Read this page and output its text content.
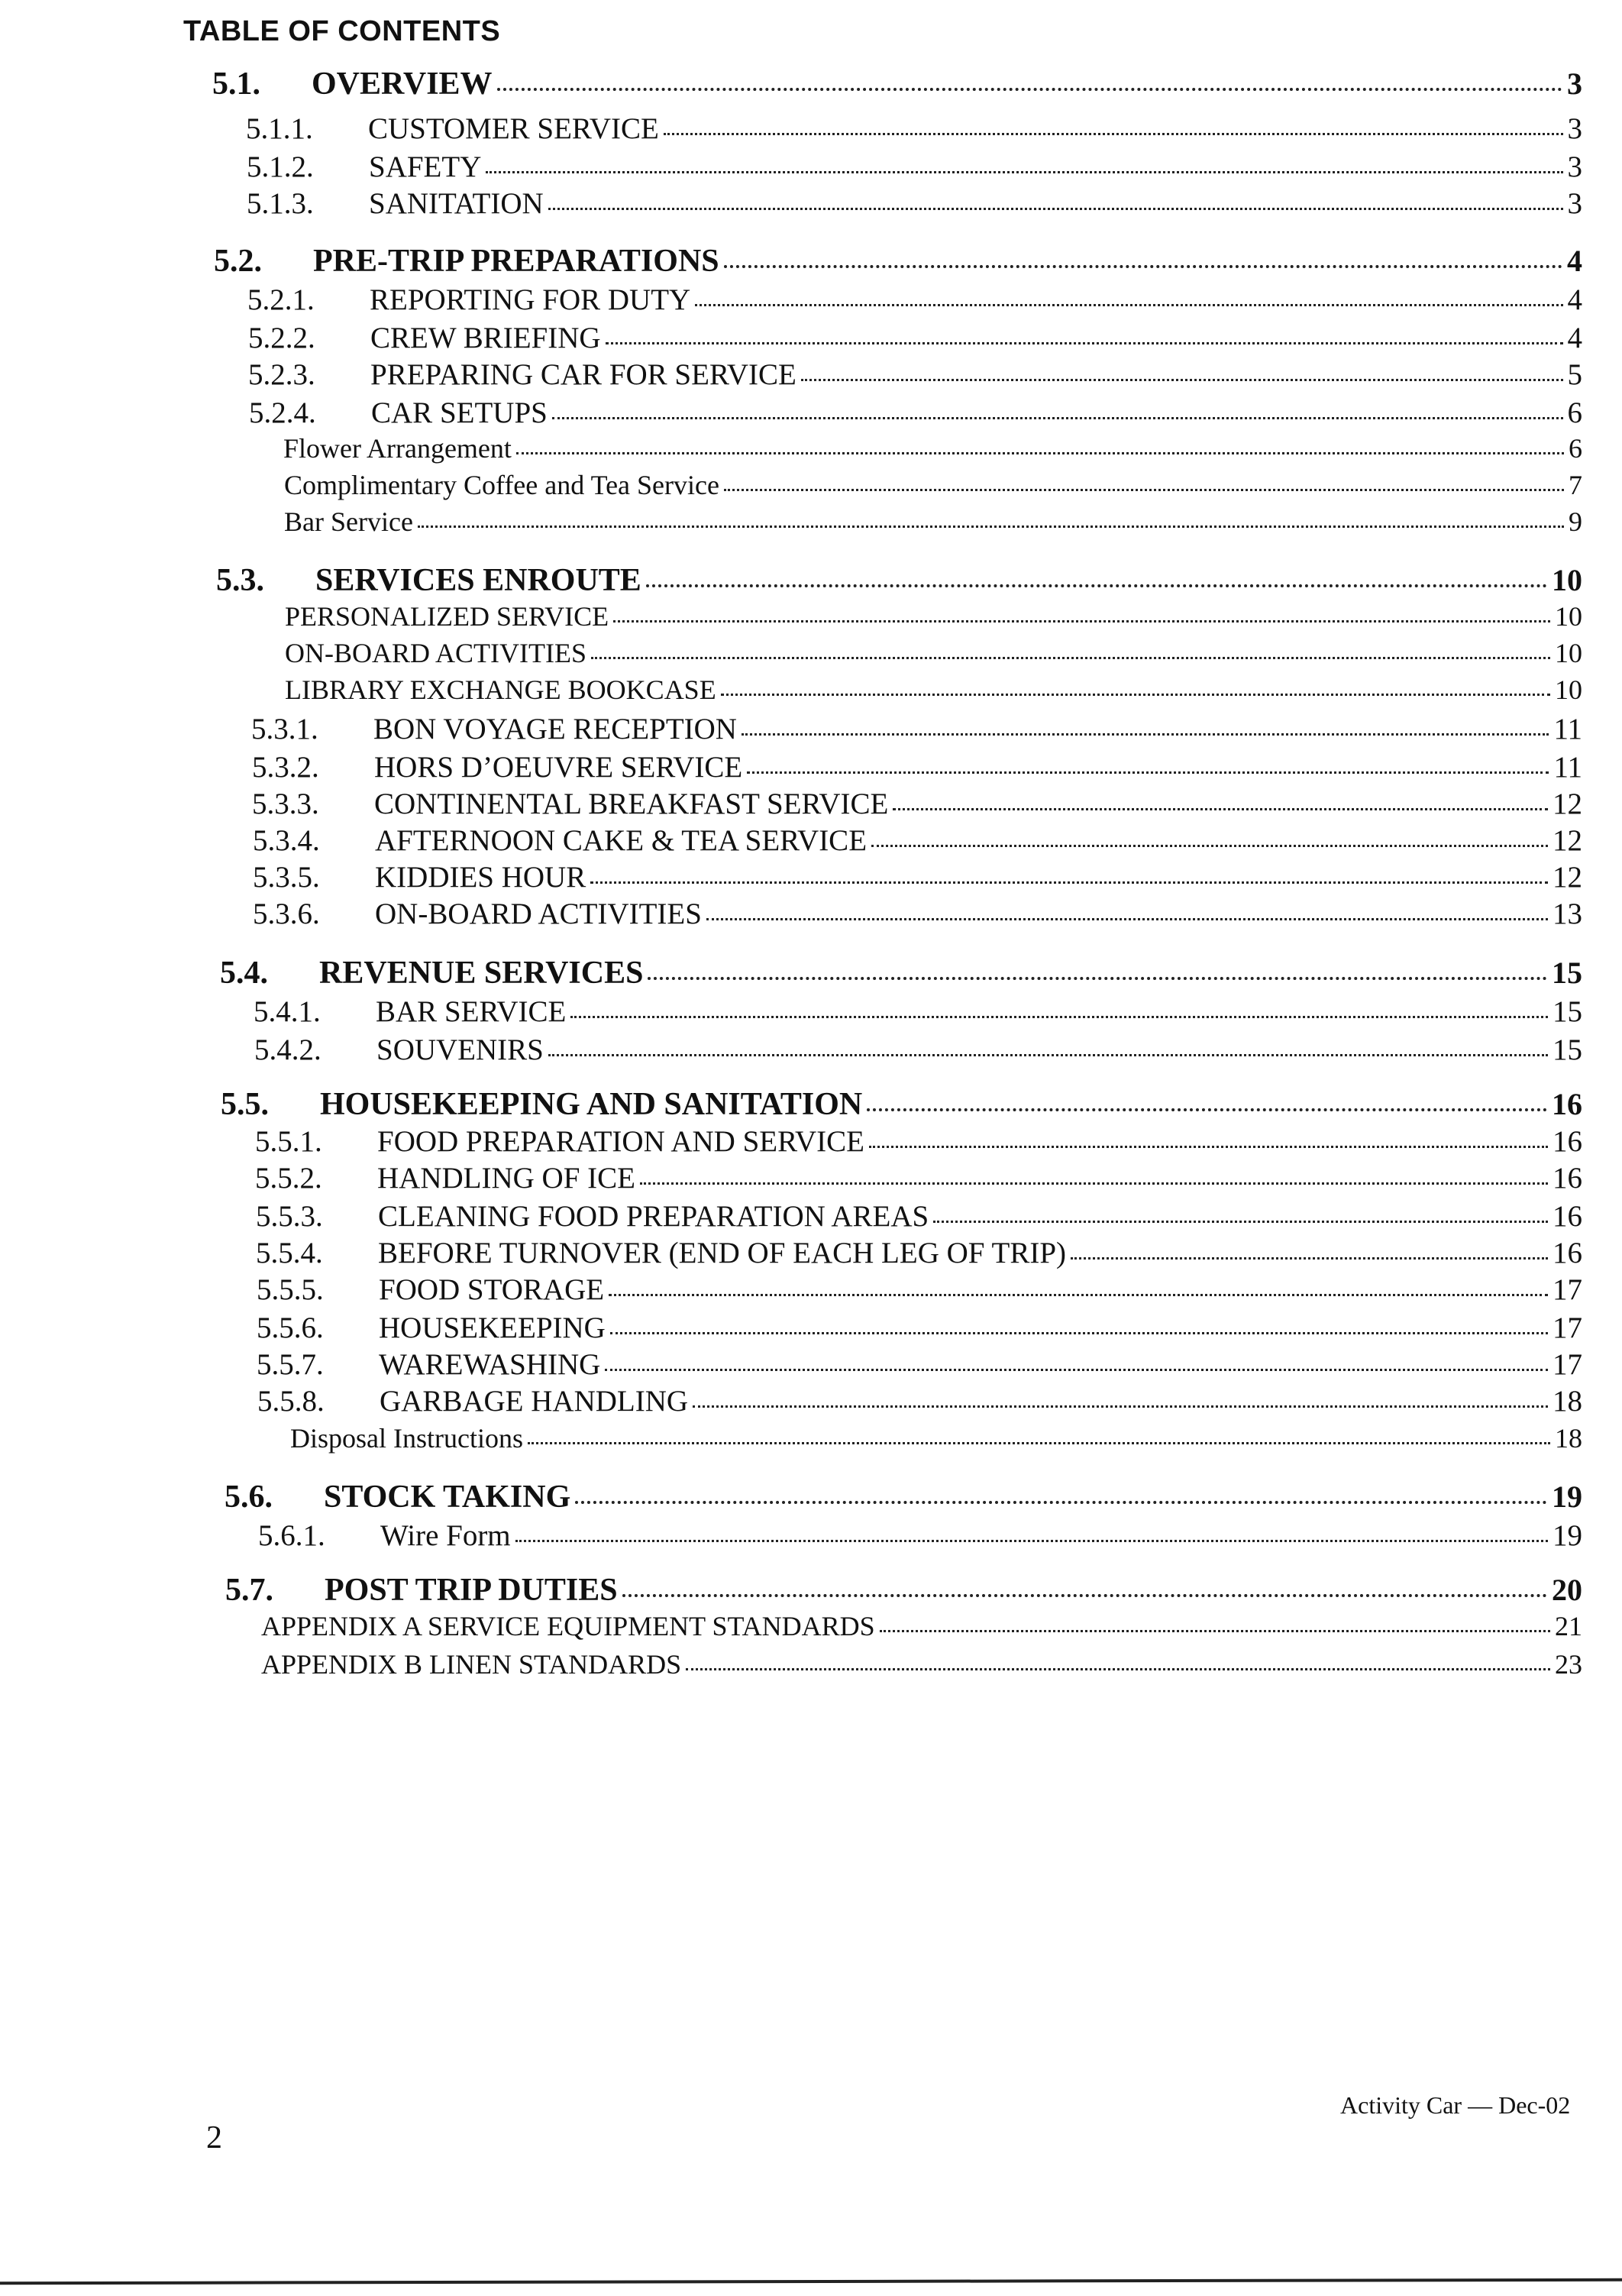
TABLE OF CONTENTS
5.1.	OVERVIEW	3
5.1.1.	CUSTOMER SERVICE	3
5.1.2.	SAFETY	3
5.1.3.	SANITATION	3
5.2.	PRE-TRIP PREPARATIONS	4
5.2.1.	REPORTING FOR DUTY	4
5.2.2.	CREW BRIEFING	4
5.2.3.	PREPARING CAR FOR SERVICE	5
5.2.4.	CAR SETUPS	6
Flower Arrangement	6
Complimentary Coffee and Tea Service	7
Bar Service	9
5.3.	SERVICES ENROUTE	10
PERSONALIZED SERVICE	10
ON-BOARD ACTIVITIES	10
LIBRARY EXCHANGE BOOKCASE	10
5.3.1.	BON VOYAGE RECEPTION	11
5.3.2.	HORS D’OEUVRE SERVICE	11
5.3.3.	CONTINENTAL BREAKFAST SERVICE	12
5.3.4.	AFTERNOON CAKE & TEA SERVICE	12
5.3.5.	KIDDIES HOUR	12
5.3.6.	ON-BOARD ACTIVITIES	13
5.4.	REVENUE SERVICES	15
5.4.1.	BAR SERVICE	15
5.4.2.	SOUVENIRS	15
5.5.	HOUSEKEEPING AND SANITATION	16
5.5.1.	FOOD PREPARATION AND SERVICE	16
5.5.2.	HANDLING OF ICE	16
5.5.3.	CLEANING FOOD PREPARATION AREAS	16
5.5.4.	BEFORE TURNOVER (END OF EACH LEG OF TRIP)	16
5.5.5.	FOOD STORAGE	17
5.5.6.	HOUSEKEEPING	17
5.5.7.	WAREWASHING	17
5.5.8.	GARBAGE HANDLING	18
Disposal Instructions	18
5.6.	STOCK TAKING	19
5.6.1.	Wire Form	19
5.7.	POST TRIP DUTIES	20
APPENDIX A SERVICE EQUIPMENT STANDARDS	21
APPENDIX B LINEN STANDARDS	23
Activity Car — Dec-02
2
